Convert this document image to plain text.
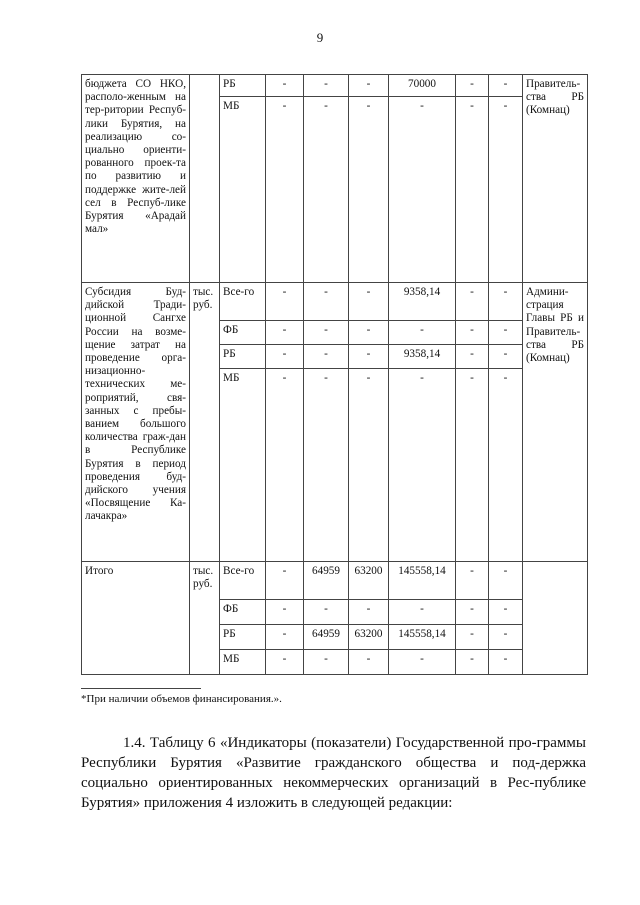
9
бюджета СО НКО, располо-женным на тер-ритории Респуб-лики Бурятия, на реализацию со-циально ориенти-рованного проек-та по развитию и поддержке жите-лей сел в Респуб-лике Бурятия «Арадай мал»		РБ	-	-	-	70000	-	-	Правитель-ства РБ (Комнац)
		МБ	-	-	-	-	-	-	
Субсидия Буд-дийской Тради-ционной Сангхе России на возме-щение затрат на проведение орга-низационно-технических ме-роприятий, свя-занных с пребы-ванием большого количества граж-дан в Республике Бурятия в период проведения буд-дийского учения «Посвящение Ка-лачакра»	тыс. руб.	Все-го	-	-	-	9358,14	-	-	Админи-страция Главы РБ и Правитель-ства РБ (Комнац)
		ФБ	-	-	-	-	-	-	
		РБ	-	-	-	9358,14	-	-	
		МБ	-	-	-	-	-	-	
Итого	тыс. руб.	Все-го	-	64959	63200	145558,14	-	-	
		ФБ	-	-	-	-	-	-	
		РБ	-	64959	63200	145558,14	-	-	
		МБ	-	-	-	-	-	-	
*При наличии объемов финансирования.».
1.4. Таблицу 6 «Индикаторы (показатели) Государственной про-граммы Республики Бурятия «Развитие гражданского общества и под-держка социально ориентированных некоммерческих организаций в Рес-публике Бурятия» приложения 4 изложить в следующей редакции:
